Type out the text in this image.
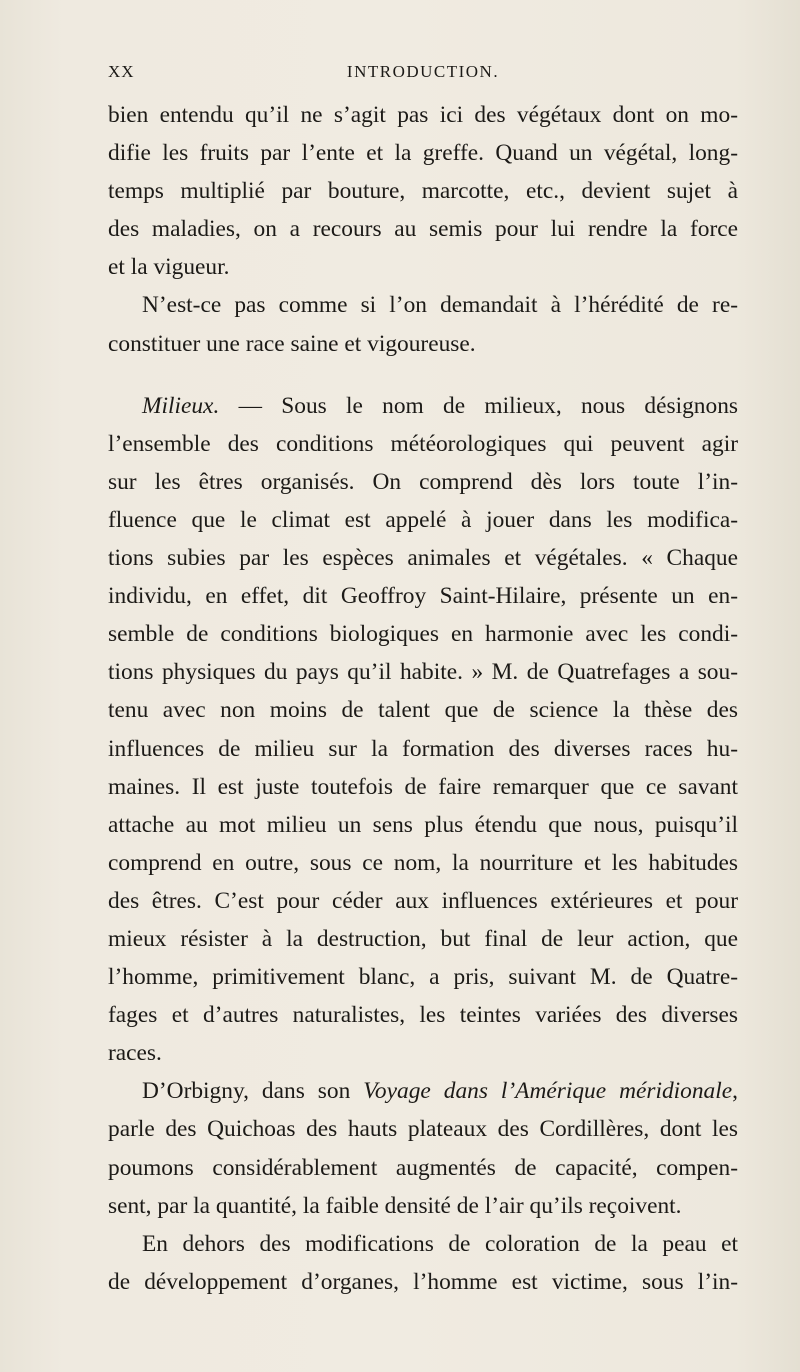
XX	INTRODUCTION.
bien entendu qu’il ne s’agit pas ici des végétaux dont on mo-
difie les fruits par l’ente et la greffe. Quand un végétal, long-
temps multiplié par bouture, marcotte, etc., devient sujet à
des maladies, on a recours au semis pour lui rendre la force
et la vigueur.
N’est-ce pas comme si l’on demandait à l’hérédité de re-
constituer une race saine et vigoureuse.
Milieux. — Sous le nom de milieux, nous désignons
l’ensemble des conditions météorologiques qui peuvent agir
sur les êtres organisés. On comprend dès lors toute l’in-
fluence que le climat est appelé à jouer dans les modifica-
tions subies par les espèces animales et végétales. « Chaque
individu, en effet, dit Geoffroy Saint-Hilaire, présente un en-
semble de conditions biologiques en harmonie avec les condi-
tions physiques du pays qu’il habite. » M. de Quatrefages a sou-
tenu avec non moins de talent que de science la thèse des
influences de milieu sur la formation des diverses races hu-
maines. Il est juste toutefois de faire remarquer que ce savant
attache au mot milieu un sens plus étendu que nous, puisqu’il
comprend en outre, sous ce nom, la nourriture et les habitudes
des êtres. C’est pour céder aux influences extérieures et pour
mieux résister à la destruction, but final de leur action, que
l’homme, primitivement blanc, a pris, suivant M. de Quatre-
fages et d’autres naturalistes, les teintes variées des diverses
races.
D’Orbigny, dans son Voyage dans l’Amérique méridionale,
parle des Quichoas des hauts plateaux des Cordillères, dont les
poumons considérablement augmentés de capacité, compen-
sent, par la quantité, la faible densité de l’air qu’ils reçoivent.
En dehors des modifications de coloration de la peau et
de développement d’organes, l’homme est victime, sous l’in-
